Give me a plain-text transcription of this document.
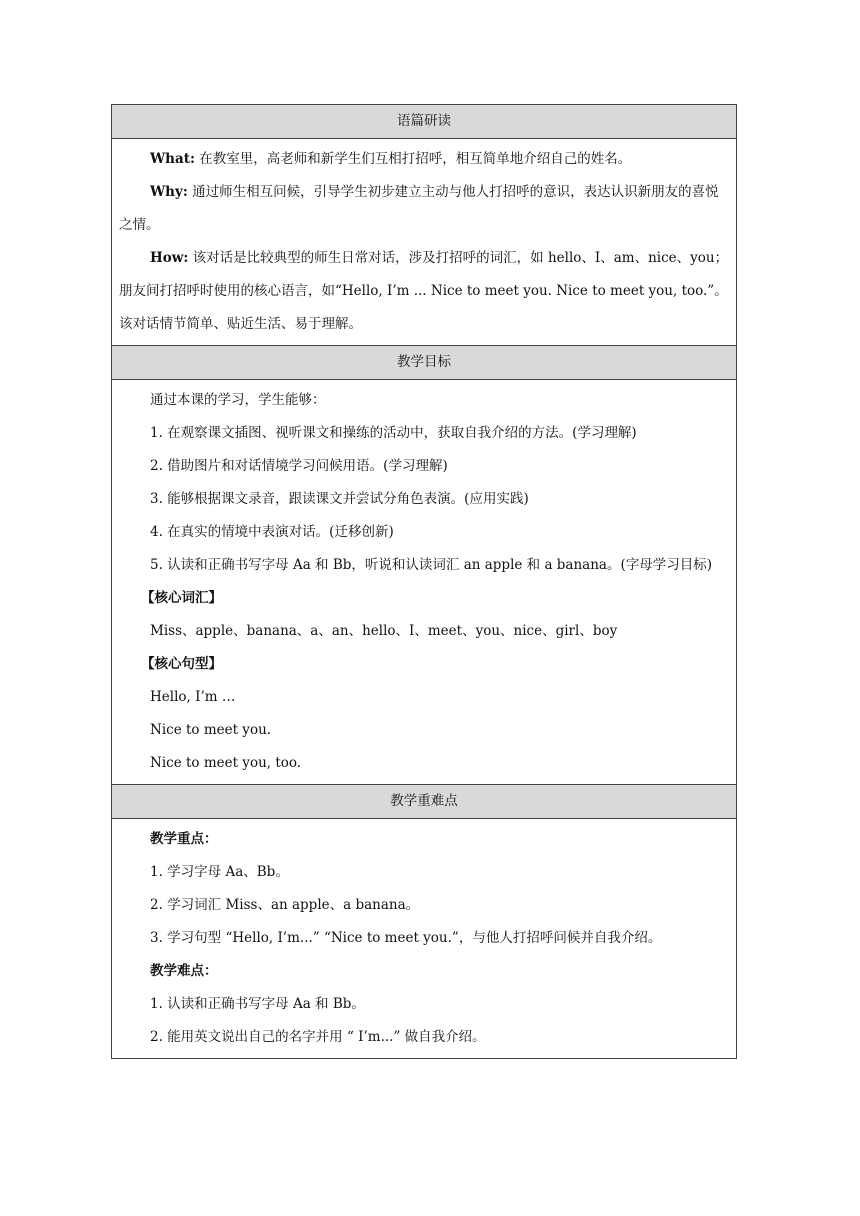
语篇研读

What: 在教室里，高老师和新学生们互相打招呼，相互简单地介绍自己的姓名。

Why: 通过师生相互问候，引导学生初步建立主动与他人打招呼的意识，表达认识新朋友的喜悦之情。

How: 该对话是比较典型的师生日常对话，涉及打招呼的词汇，如 hello、I、am、nice、you；朋友间打招呼时使用的核心语言，如“Hello, I’m ... Nice to meet you. Nice to meet you, too.”。该对话情节简单、贴近生活、易于理解。

教学目标

通过本课的学习，学生能够：

1. 在观察课文插图、视听课文和操练的活动中，获取自我介绍的方法。(学习理解)

2. 借助图片和对话情境学习问候用语。(学习理解)

3. 能够根据课文录音，跟读课文并尝试分角色表演。(应用实践)

4. 在真实的情境中表演对话。(迁移创新)

5. 认读和正确书写字母 Aa 和 Bb，听说和认读词汇 an apple 和 a banana。(字母学习目标)

【核心词汇】

Miss、apple、banana、a、an、hello、I、meet、you、nice、girl、boy

【核心句型】

Hello, I’m …

Nice to meet you.

Nice to meet you, too.

教学重难点

教学重点：

1. 学习字母 Aa、Bb。

2. 学习词汇 Miss、an apple、a banana。

3. 学习句型 “Hello, I’m...” “Nice to meet you.”，与他人打招呼问候并自我介绍。

教学难点：

1. 认读和正确书写字母 Aa 和 Bb。

2. 能用英文说出自己的名字并用 “ I’m...” 做自我介绍。
